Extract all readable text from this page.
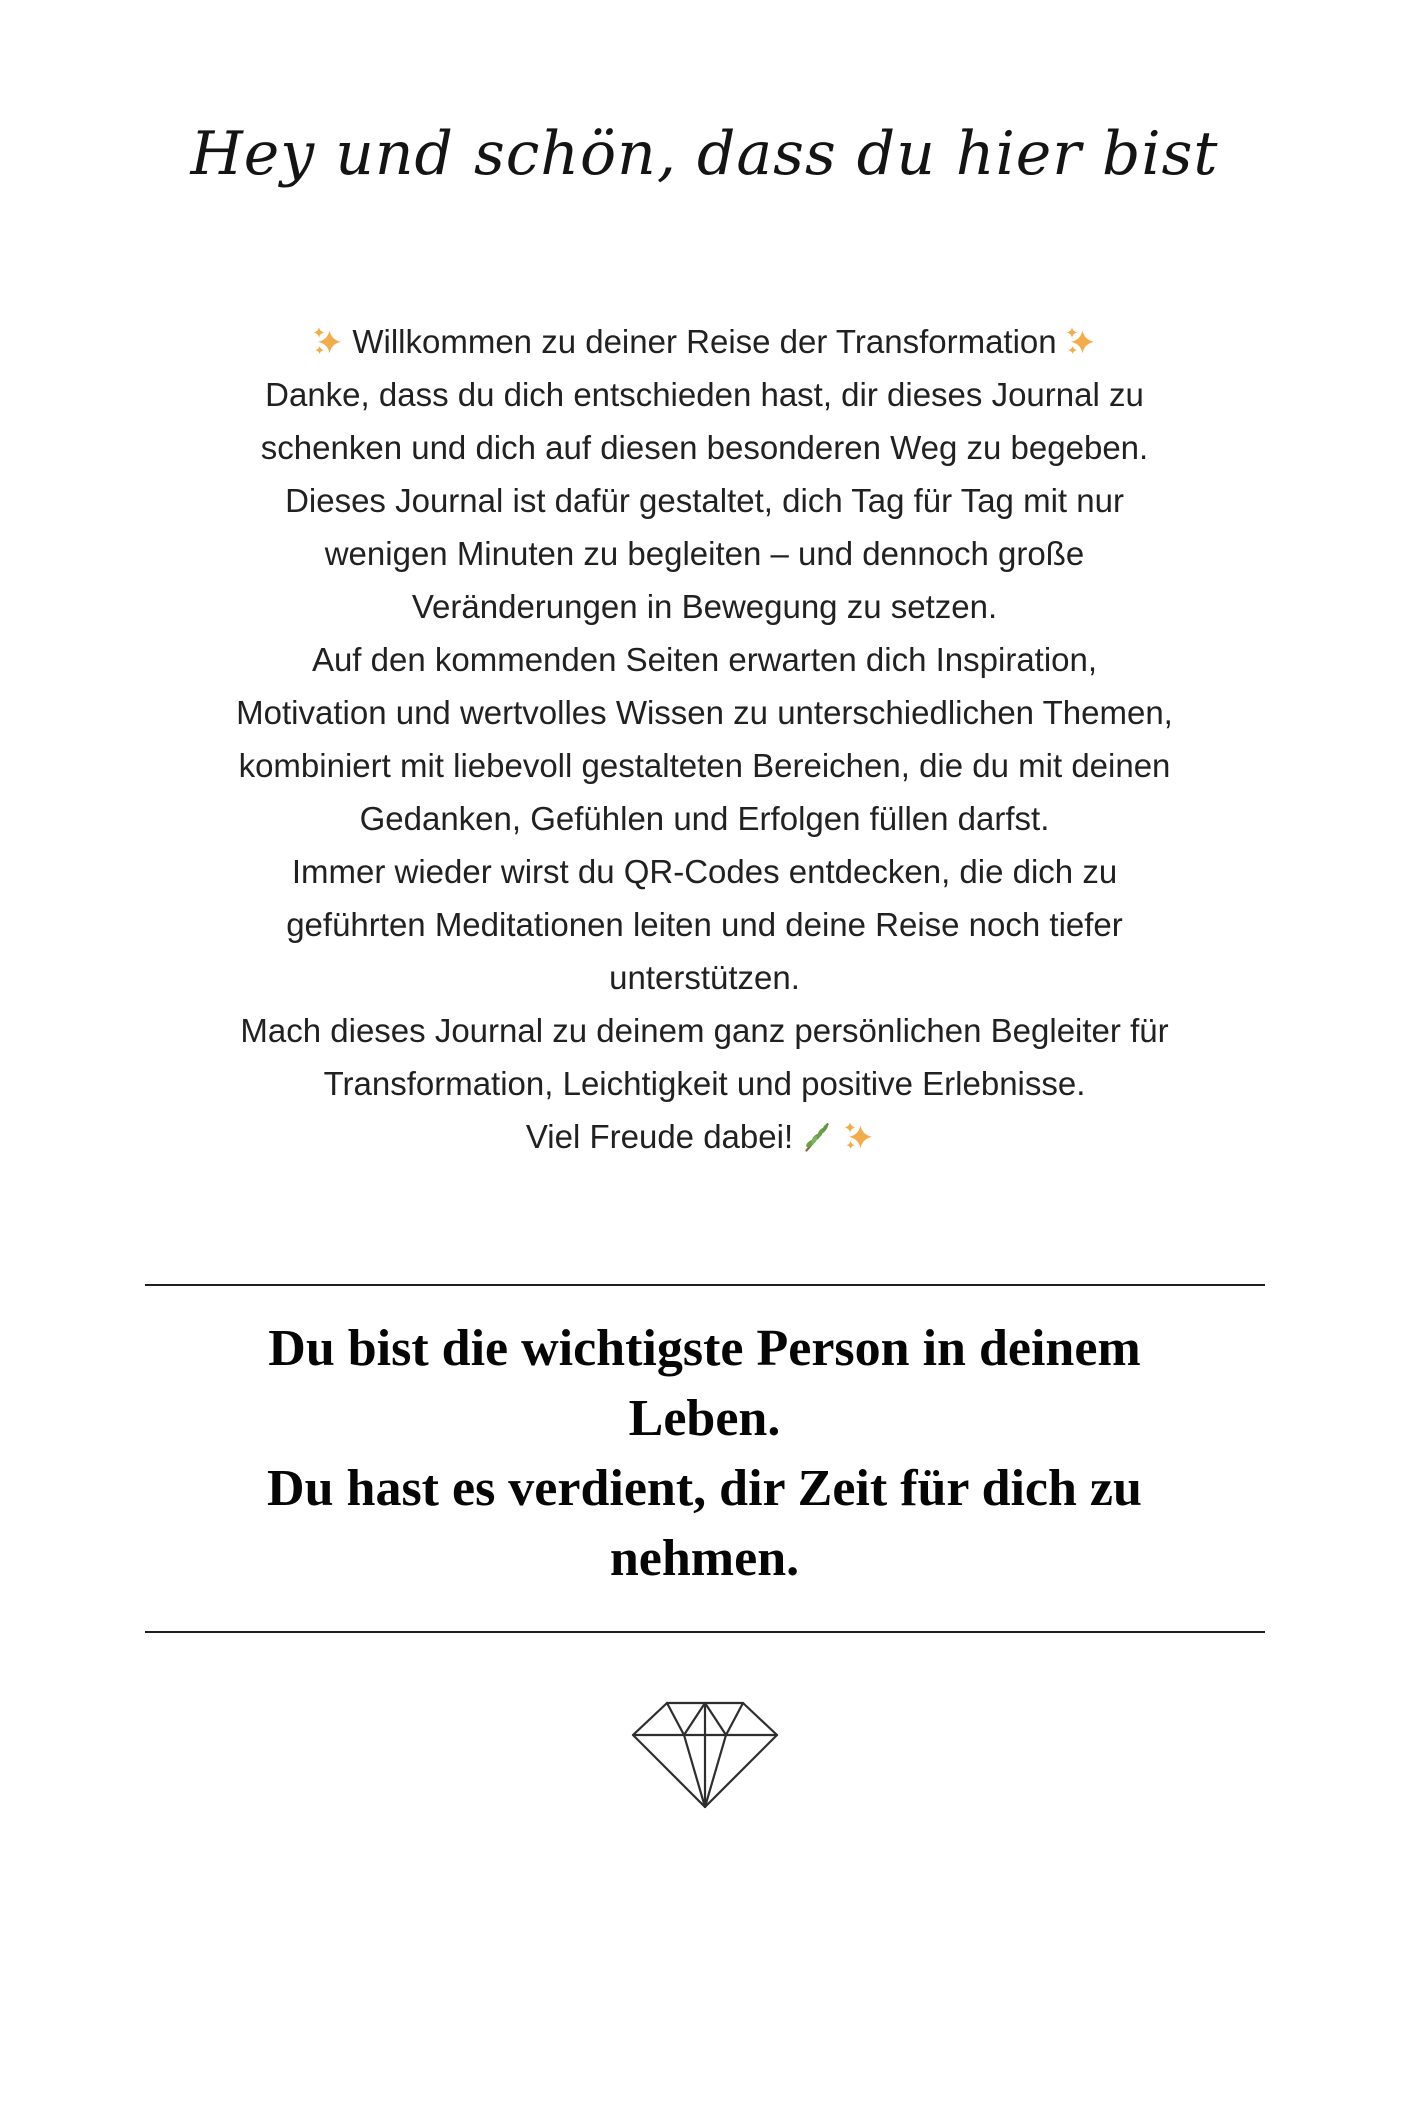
Hey und schön, dass du hier bist
Willkommen zu deiner Reise der Transformation
Danke, dass du dich entschieden hast, dir dieses Journal zu
schenken und dich auf diesen besonderen Weg zu begeben.
Dieses Journal ist dafür gestaltet, dich Tag für Tag mit nur
wenigen Minuten zu begleiten – und dennoch große
Veränderungen in Bewegung zu setzen.
Auf den kommenden Seiten erwarten dich Inspiration,
Motivation und wertvolles Wissen zu unterschiedlichen Themen,
kombiniert mit liebevoll gestalteten Bereichen, die du mit deinen
Gedanken, Gefühlen und Erfolgen füllen darfst.
Immer wieder wirst du QR-Codes entdecken, die dich zu
geführten Meditationen leiten und deine Reise noch tiefer
unterstützen.
Mach dieses Journal zu deinem ganz persönlichen Begleiter für
Transformation, Leichtigkeit und positive Erlebnisse.
Viel Freude dabei!
Du bist die wichtigste Person in deinem
Leben.
Du hast es verdient, dir Zeit für dich zu
nehmen.
